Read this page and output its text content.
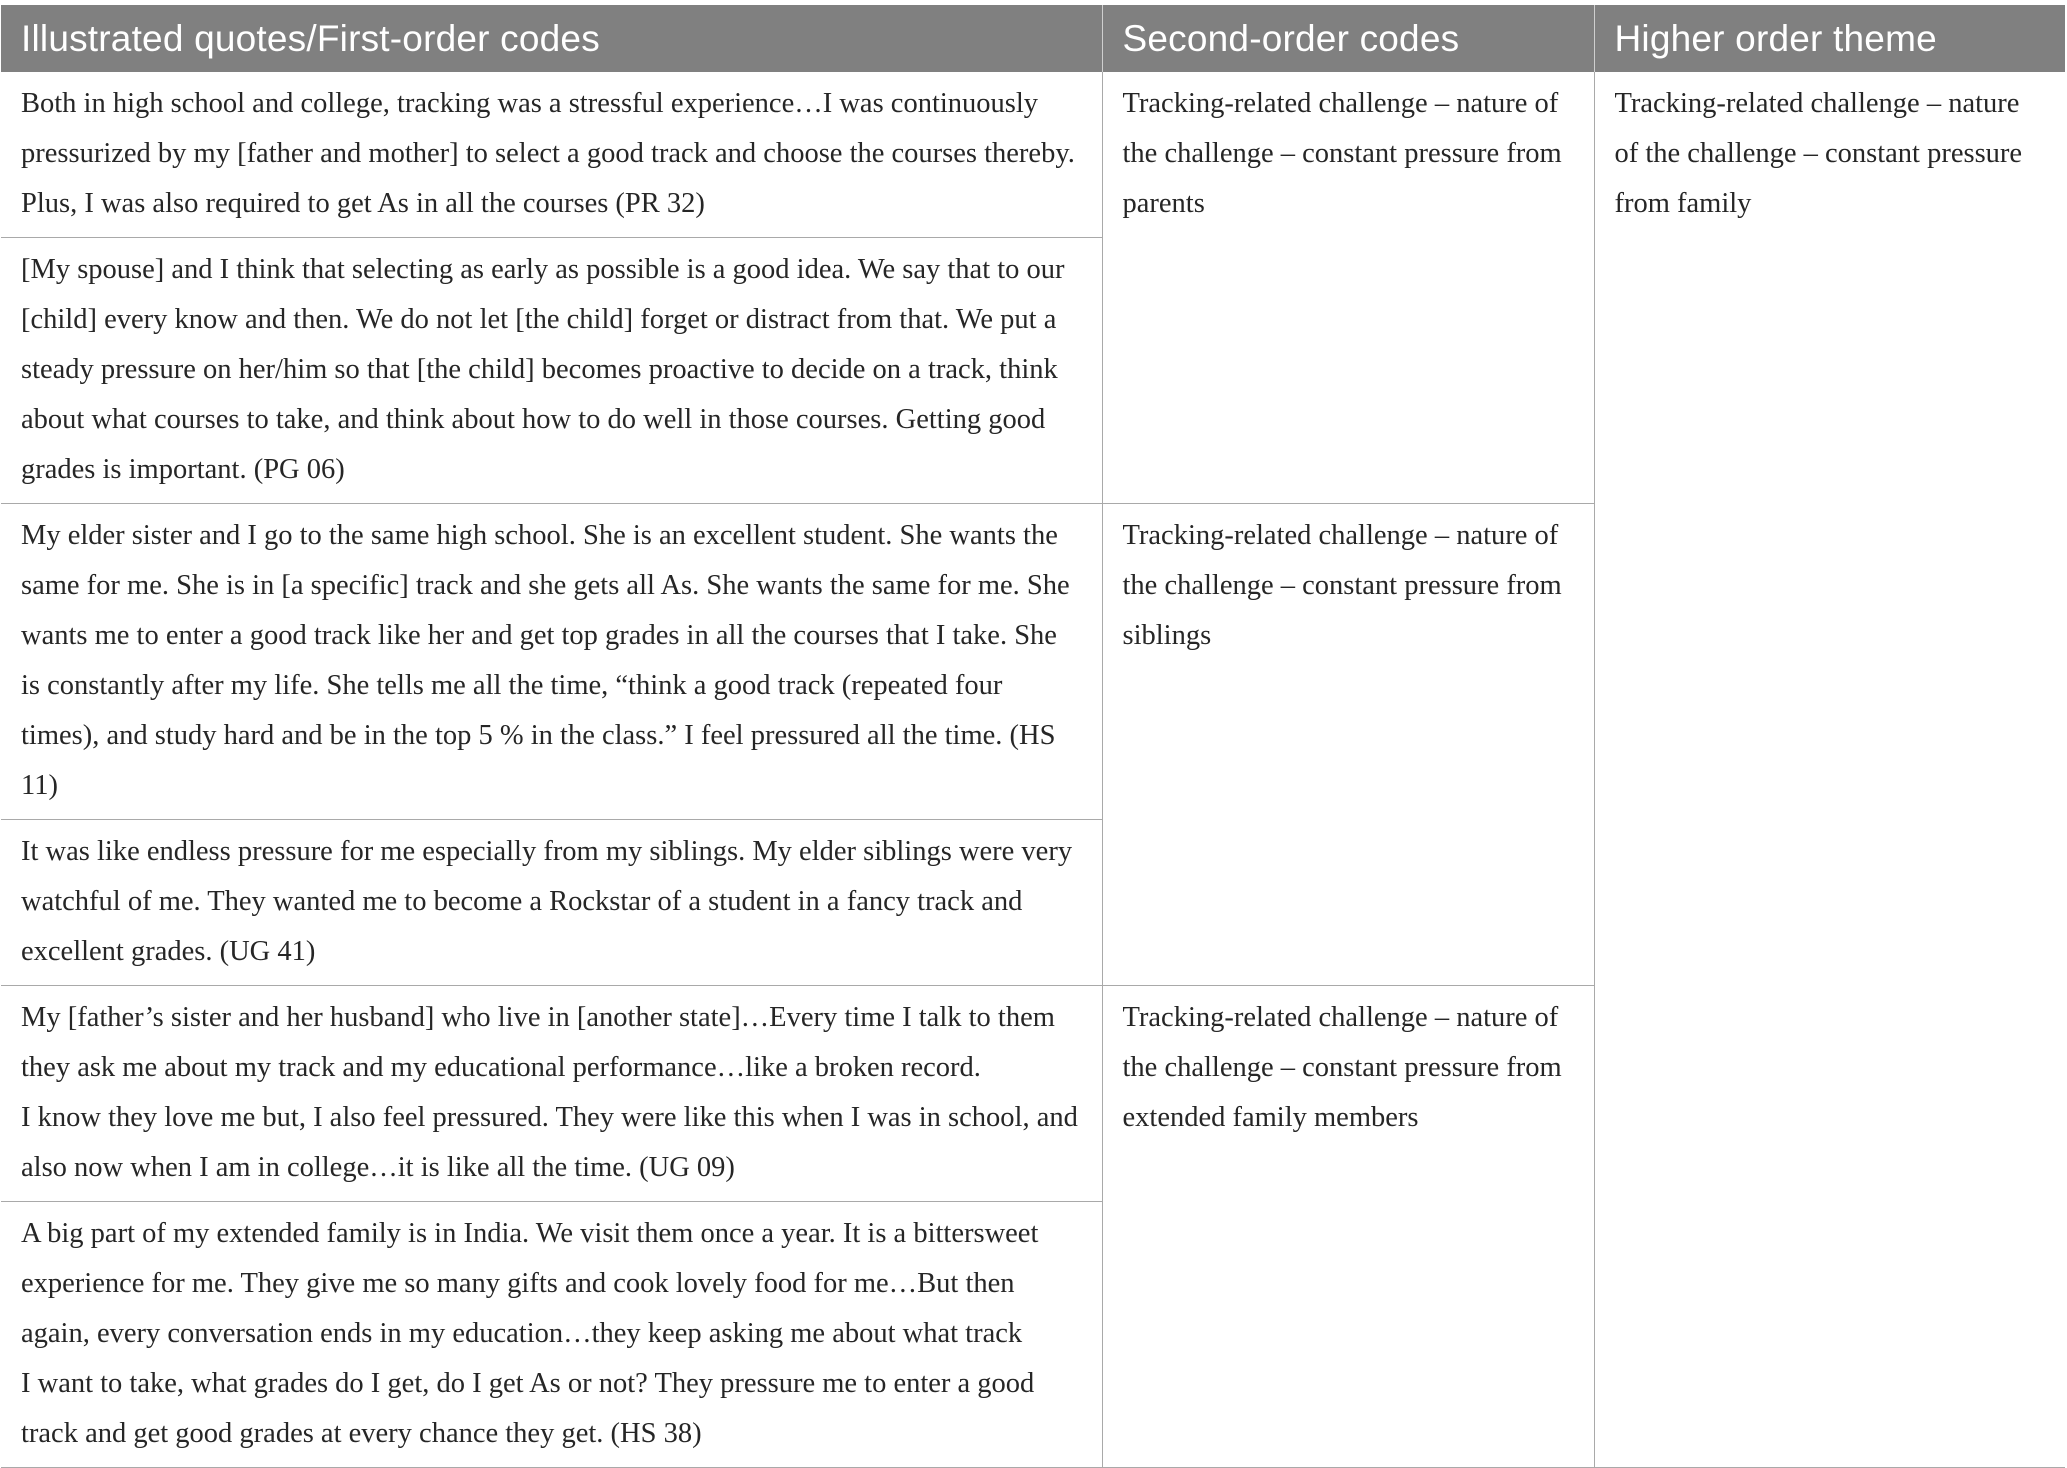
Illustrated quotes/First-order codes	Second-order codes	Higher order theme

Both in high school and college, tracking was a stressful experience…I was continuously pressurized by my [father and mother] to select a good track and choose the courses thereby. Plus, I was also required to get As in all the courses (PR 32)	Tracking-related challenge – nature of the challenge – constant pressure from parents	Tracking-related challenge – nature of the challenge – constant pressure from family

[My spouse] and I think that selecting as early as possible is a good idea. We say that to our [child] every know and then. We do not let [the child] forget or distract from that. We put a steady pressure on her/him so that [the child] becomes proactive to decide on a track, think about what courses to take, and think about how to do well in those courses. Getting good grades is important. (PG 06)		

My elder sister and I go to the same high school. She is an excellent student. She wants the same for me. She is in [a specific] track and she gets all As. She wants the same for me. She wants me to enter a good track like her and get top grades in all the courses that I take. She is constantly after my life. She tells me all the time, “think a good track (repeated four times), and study hard and be in the top 5 % in the class.” I feel pressured all the time. (HS 11)	Tracking-related challenge – nature of the challenge – constant pressure from siblings	

It was like endless pressure for me especially from my siblings. My elder siblings were very watchful of me. They wanted me to become a Rockstar of a student in a fancy track and excellent grades. (UG 41)		

My [father’s sister and her husband] who live in [another state]…Every time I talk to them they ask me about my track and my educational performance…like a broken record.
I know they love me but, I also feel pressured. They were like this when I was in school, and also now when I am in college…it is like all the time. (UG 09)	Tracking-related challenge – nature of the challenge – constant pressure from extended family members	

A big part of my extended family is in India. We visit them once a year. It is a bittersweet experience for me. They give me so many gifts and cook lovely food for me…But then again, every conversation ends in my education…they keep asking me about what track
I want to take, what grades do I get, do I get As or not? They pressure me to enter a good track and get good grades at every chance they get. (HS 38)		
